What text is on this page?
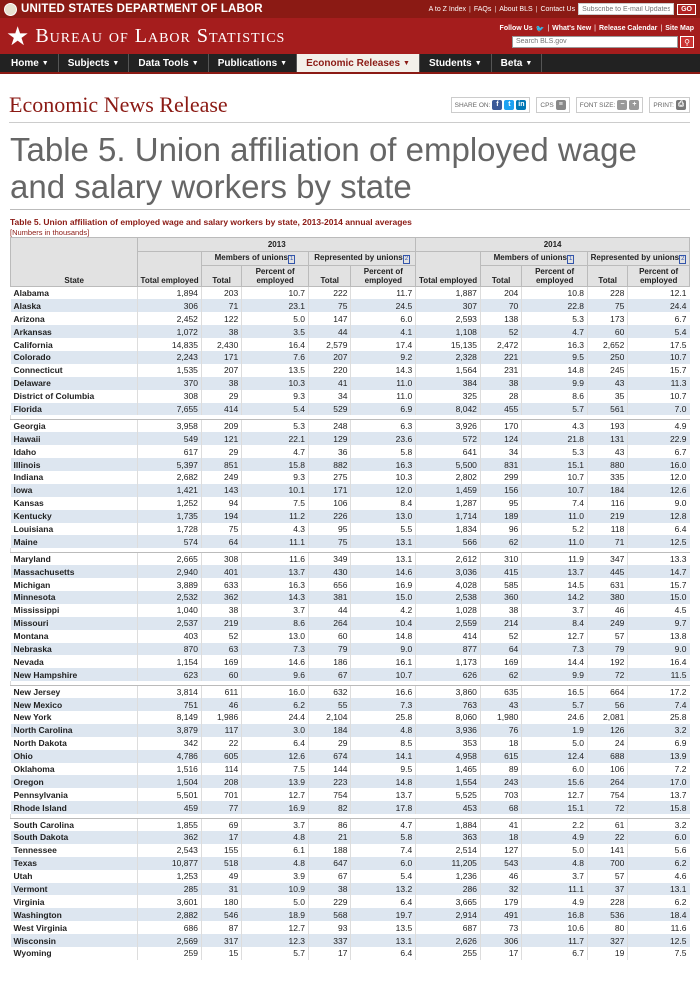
UNITED STATES DEPARTMENT OF LABOR	A to Z Index | FAQs | About BLS | Contact Us
Subscribe to E-mail Updates	GO
★ Bureau of Labor Statistics	Follow Us 🐦 | What's New | Release Calendar | Site Map
Search BLS.gov
⚲
Home ▼ Subjects ▼ Data Tools ▼ Publications ▼ Economic Releases ▼ Students ▼ Beta ▼
Economic News Release	SHARE ON: f	t	in CPS ≡	FONT SIZE: −	+	PRINT: ⎙
Table 5. Union affiliation of employed wage and salary workers by state
Table 5. Union affiliation of employed wage and salary workers by state, 2013-2014 annual averages
[Numbers in thousands]
State	2013					2014				
	Total employed	Members of unions 1		Represented by unions 2		Total employed	Members of unions 1		Represented by unions 2	
		Total	Percent of employed	Total	Percent of employed		Total	Percent of employed	Total	Percent of employed
Alabama	1,894	203	10.7	222	11.7	1,887	204	10.8	228	12.1
Alaska	306	71	23.1	75	24.5	307	70	22.8	75	24.4
Arizona	2,452	122	5.0	147	6.0	2,593	138	5.3	173	6.7
Arkansas	1,072	38	3.5	44	4.1	1,108	52	4.7	60	5.4
California	14,835	2,430	16.4	2,579	17.4	15,135	2,472	16.3	2,652	17.5
Colorado	2,243	171	7.6	207	9.2	2,328	221	9.5	250	10.7
Connecticut	1,535	207	13.5	220	14.3	1,564	231	14.8	245	15.7
Delaware	370	38	10.3	41	11.0	384	38	9.9	43	11.3
District of Columbia	308	29	9.3	34	11.0	325	28	8.6	35	10.7
Florida	7,655	414	5.4	529	6.9	8,042	455	5.7	561	7.0

Georgia	3,958	209	5.3	248	6.3	3,926	170	4.3	193	4.9
Hawaii	549	121	22.1	129	23.6	572	124	21.8	131	22.9
Idaho	617	29	4.7	36	5.8	641	34	5.3	43	6.7
Illinois	5,397	851	15.8	882	16.3	5,500	831	15.1	880	16.0
Indiana	2,682	249	9.3	275	10.3	2,802	299	10.7	335	12.0
Iowa	1,421	143	10.1	171	12.0	1,459	156	10.7	184	12.6
Kansas	1,252	94	7.5	106	8.4	1,287	95	7.4	116	9.0
Kentucky	1,735	194	11.2	226	13.0	1,714	189	11.0	219	12.8
Louisiana	1,728	75	4.3	95	5.5	1,834	96	5.2	118	6.4
Maine	574	64	11.1	75	13.1	566	62	11.0	71	12.5

Maryland	2,665	308	11.6	349	13.1	2,612	310	11.9	347	13.3
Massachusetts	2,940	401	13.7	430	14.6	3,036	415	13.7	445	14.7
Michigan	3,889	633	16.3	656	16.9	4,028	585	14.5	631	15.7
Minnesota	2,532	362	14.3	381	15.0	2,538	360	14.2	380	15.0
Mississippi	1,040	38	3.7	44	4.2	1,028	38	3.7	46	4.5
Missouri	2,537	219	8.6	264	10.4	2,559	214	8.4	249	9.7
Montana	403	52	13.0	60	14.8	414	52	12.7	57	13.8
Nebraska	870	63	7.3	79	9.0	877	64	7.3	79	9.0
Nevada	1,154	169	14.6	186	16.1	1,173	169	14.4	192	16.4
New Hampshire	623	60	9.6	67	10.7	626	62	9.9	72	11.5

New Jersey	3,814	611	16.0	632	16.6	3,860	635	16.5	664	17.2
New Mexico	751	46	6.2	55	7.3	763	43	5.7	56	7.4
New York	8,149	1,986	24.4	2,104	25.8	8,060	1,980	24.6	2,081	25.8
North Carolina	3,879	117	3.0	184	4.8	3,936	76	1.9	126	3.2
North Dakota	342	22	6.4	29	8.5	353	18	5.0	24	6.9
Ohio	4,786	605	12.6	674	14.1	4,958	615	12.4	688	13.9
Oklahoma	1,516	114	7.5	144	9.5	1,465	89	6.0	106	7.2
Oregon	1,504	208	13.9	223	14.8	1,554	243	15.6	264	17.0
Pennsylvania	5,501	701	12.7	754	13.7	5,525	703	12.7	754	13.7
Rhode Island	459	77	16.9	82	17.8	453	68	15.1	72	15.8

South Carolina	1,855	69	3.7	86	4.7	1,884	41	2.2	61	3.2
South Dakota	362	17	4.8	21	5.8	363	18	4.9	22	6.0
Tennessee	2,543	155	6.1	188	7.4	2,514	127	5.0	141	5.6
Texas	10,877	518	4.8	647	6.0	11,205	543	4.8	700	6.2
Utah	1,253	49	3.9	67	5.4	1,236	46	3.7	57	4.6
Vermont	285	31	10.9	38	13.2	286	32	11.1	37	13.1
Virginia	3,601	180	5.0	229	6.4	3,665	179	4.9	228	6.2
Washington	2,882	546	18.9	568	19.7	2,914	491	16.8	536	18.4
West Virginia	686	87	12.7	93	13.5	687	73	10.6	80	11.6
Wisconsin	2,569	317	12.3	337	13.1	2,626	306	11.7	327	12.5
Wyoming	259	15	5.7	17	6.4	255	17	6.7	19	7.5
